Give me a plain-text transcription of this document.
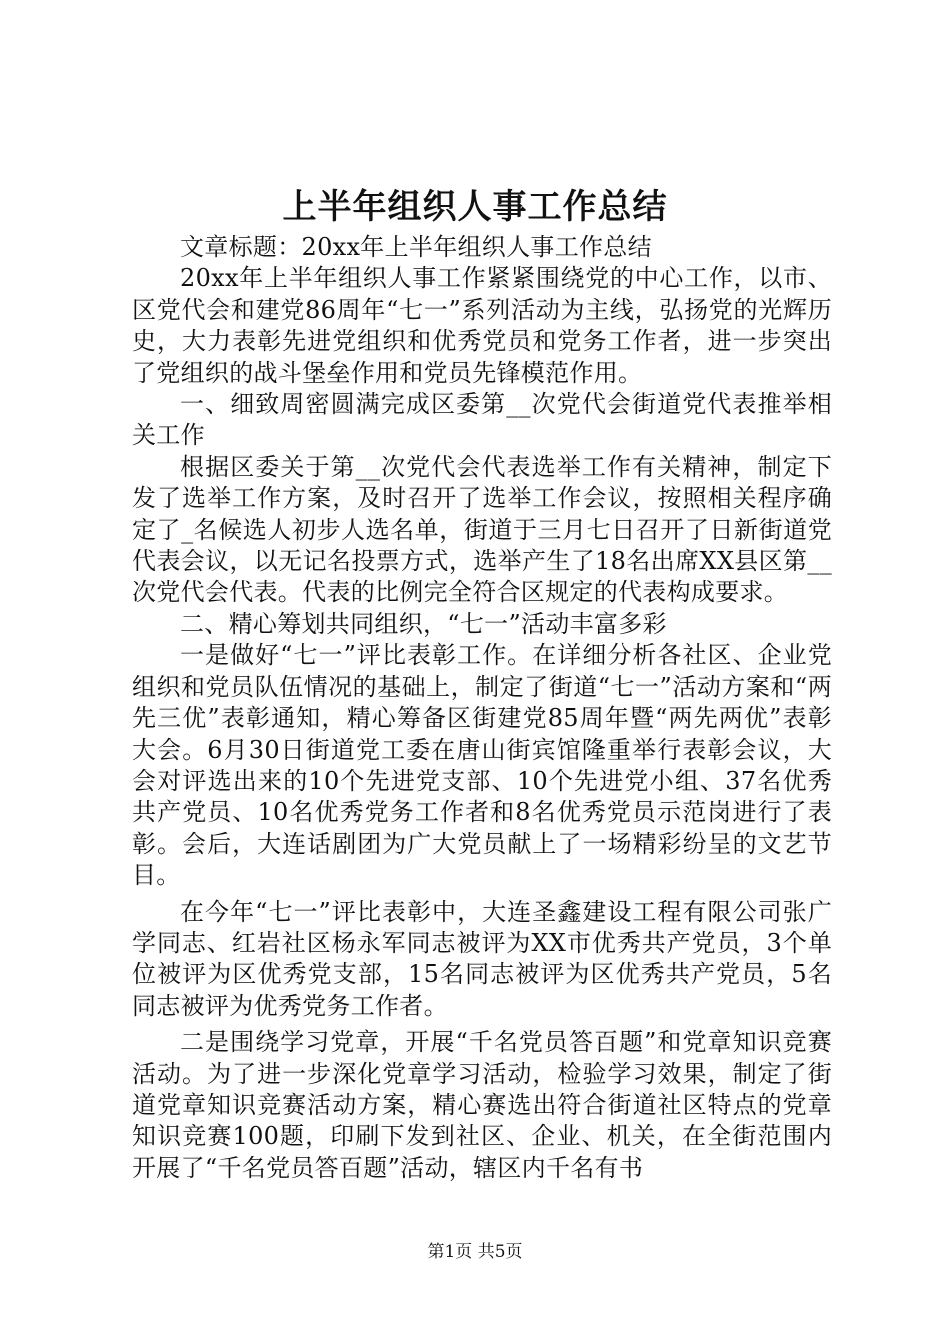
上半年组织人事工作总结

文章标题：20xx年上半年组织人事工作总结

20xx年上半年组织人事工作紧紧围绕党的中心工作，以市、区党代会和建党86周年“七一”系列活动为主线，弘扬党的光辉历史，大力表彰先进党组织和优秀党员和党务工作者，进一步突出了党组织的战斗堡垒作用和党员先锋模范作用。

一、细致周密圆满完成区委第__次党代会街道党代表推举相关工作

根据区委关于第__次党代会代表选举工作有关精神，制定下发了选举工作方案，及时召开了选举工作会议，按照相关程序确定了_名候选人初步人选名单，街道于三月七日召开了日新街道党代表会议，以无记名投票方式，选举产生了18名出席XX县区第__次党代会代表。代表的比例完全符合区规定的代表构成要求。

二、精心筹划共同组织，“七一”活动丰富多彩

一是做好“七一”评比表彰工作。在详细分析各社区、企业党组织和党员队伍情况的基础上，制定了街道“七一”活动方案和“两先三优”表彰通知，精心筹备区街建党85周年暨“两先两优”表彰大会。6月30日街道党工委在唐山街宾馆隆重举行表彰会议，大会对评选出来的10个先进党支部、10个先进党小组、37名优秀共产党员、10名优秀党务工作者和8名优秀党员示范岗进行了表彰。会后，大连话剧团为广大党员献上了一场精彩纷呈的文艺节目。

在今年“七一”评比表彰中，大连圣鑫建设工程有限公司张广学同志、红岩社区杨永军同志被评为XX市优秀共产党员，3个单位被评为区优秀党支部，15名同志被评为区优秀共产党员，5名同志被评为优秀党务工作者。

二是围绕学习党章，开展“千名党员答百题”和党章知识竞赛活动。为了进一步深化党章学习活动，检验学习效果，制定了街道党章知识竞赛活动方案，精心赛选出符合街道社区特点的党章知识竞赛100题，印刷下发到社区、企业、机关，在全街范围内开展了“千名党员答百题”活动，辖区内千名有书

第1页 共5页
